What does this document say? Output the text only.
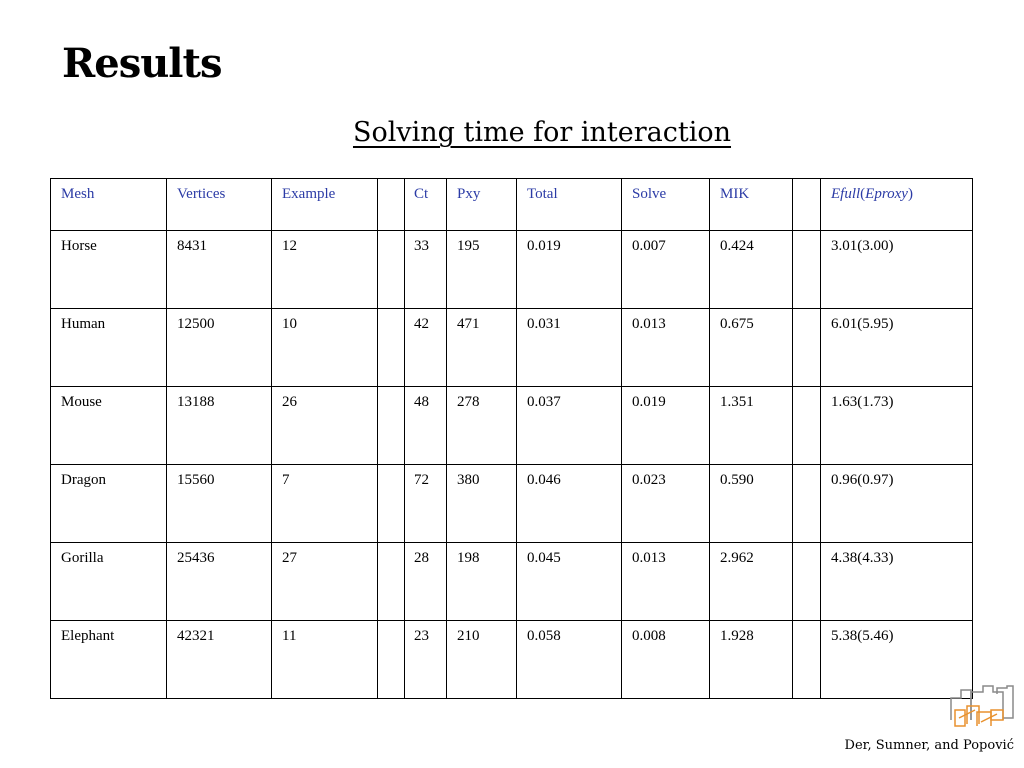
Results
Solving time for interaction
Mesh	Vertices	Example		Ct	Pxy	Total	Solve	MIK		Efull(Eproxy)
Horse	8431	12		33	195	0.019	0.007	0.424		3.01(3.00)
Human	12500	10		42	471	0.031	0.013	0.675		6.01(5.95)
Mouse	13188	26		48	278	0.037	0.019	1.351		1.63(1.73)
Dragon	15560	7		72	380	0.046	0.023	0.590		0.96(0.97)
Gorilla	25436	27		28	198	0.045	0.013	2.962		4.38(4.33)
Elephant	42321	11		23	210	0.058	0.008	1.928		5.38(5.46)
Der, Sumner, and Popović
